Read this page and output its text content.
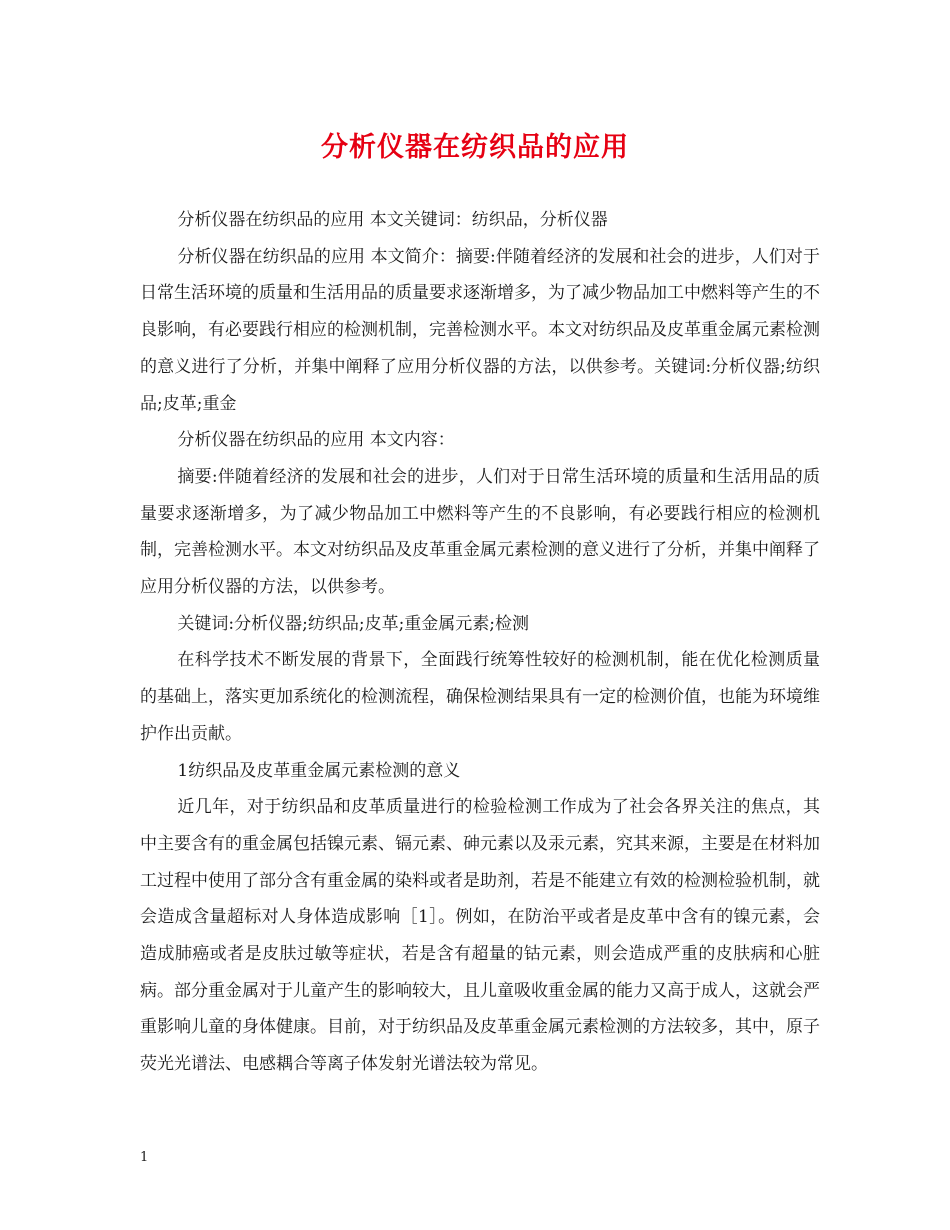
分析仪器在纺织品的应用

分析仪器在纺织品的应用 本文关键词：纺织品，分析仪器

分析仪器在纺织品的应用 本文简介：摘要:伴随着经济的发展和社会的进步，人们对于日常生活环境的质量和生活用品的质量要求逐渐增多，为了减少物品加工中燃料等产生的不良影响，有必要践行相应的检测机制，完善检测水平。本文对纺织品及皮革重金属元素检测的意义进行了分析，并集中阐释了应用分析仪器的方法，以供参考。关键词:分析仪器;纺织品;皮革;重金

分析仪器在纺织品的应用 本文内容：

摘要:伴随着经济的发展和社会的进步，人们对于日常生活环境的质量和生活用品的质量要求逐渐增多，为了减少物品加工中燃料等产生的不良影响，有必要践行相应的检测机制，完善检测水平。本文对纺织品及皮革重金属元素检测的意义进行了分析，并集中阐释了应用分析仪器的方法，以供参考。

关键词:分析仪器;纺织品;皮革;重金属元素;检测

在科学技术不断发展的背景下，全面践行统筹性较好的检测机制，能在优化检测质量的基础上，落实更加系统化的检测流程，确保检测结果具有一定的检测价值，也能为环境维护作出贡献。

1纺织品及皮革重金属元素检测的意义

近几年，对于纺织品和皮革质量进行的检验检测工作成为了社会各界关注的焦点，其中主要含有的重金属包括镍元素、镉元素、砷元素以及汞元素，究其来源，主要是在材料加工过程中使用了部分含有重金属的染料或者是助剂，若是不能建立有效的检测检验机制，就会造成含量超标对人身体造成影响［1］。例如，在防治平或者是皮革中含有的镍元素，会造成肺癌或者是皮肤过敏等症状，若是含有超量的钴元素，则会造成严重的皮肤病和心脏病。部分重金属对于儿童产生的影响较大，且儿童吸收重金属的能力又高于成人，这就会严重影响儿童的身体健康。目前，对于纺织品及皮革重金属元素检测的方法较多，其中，原子荧光光谱法、电感耦合等离子体发射光谱法较为常见。

1
